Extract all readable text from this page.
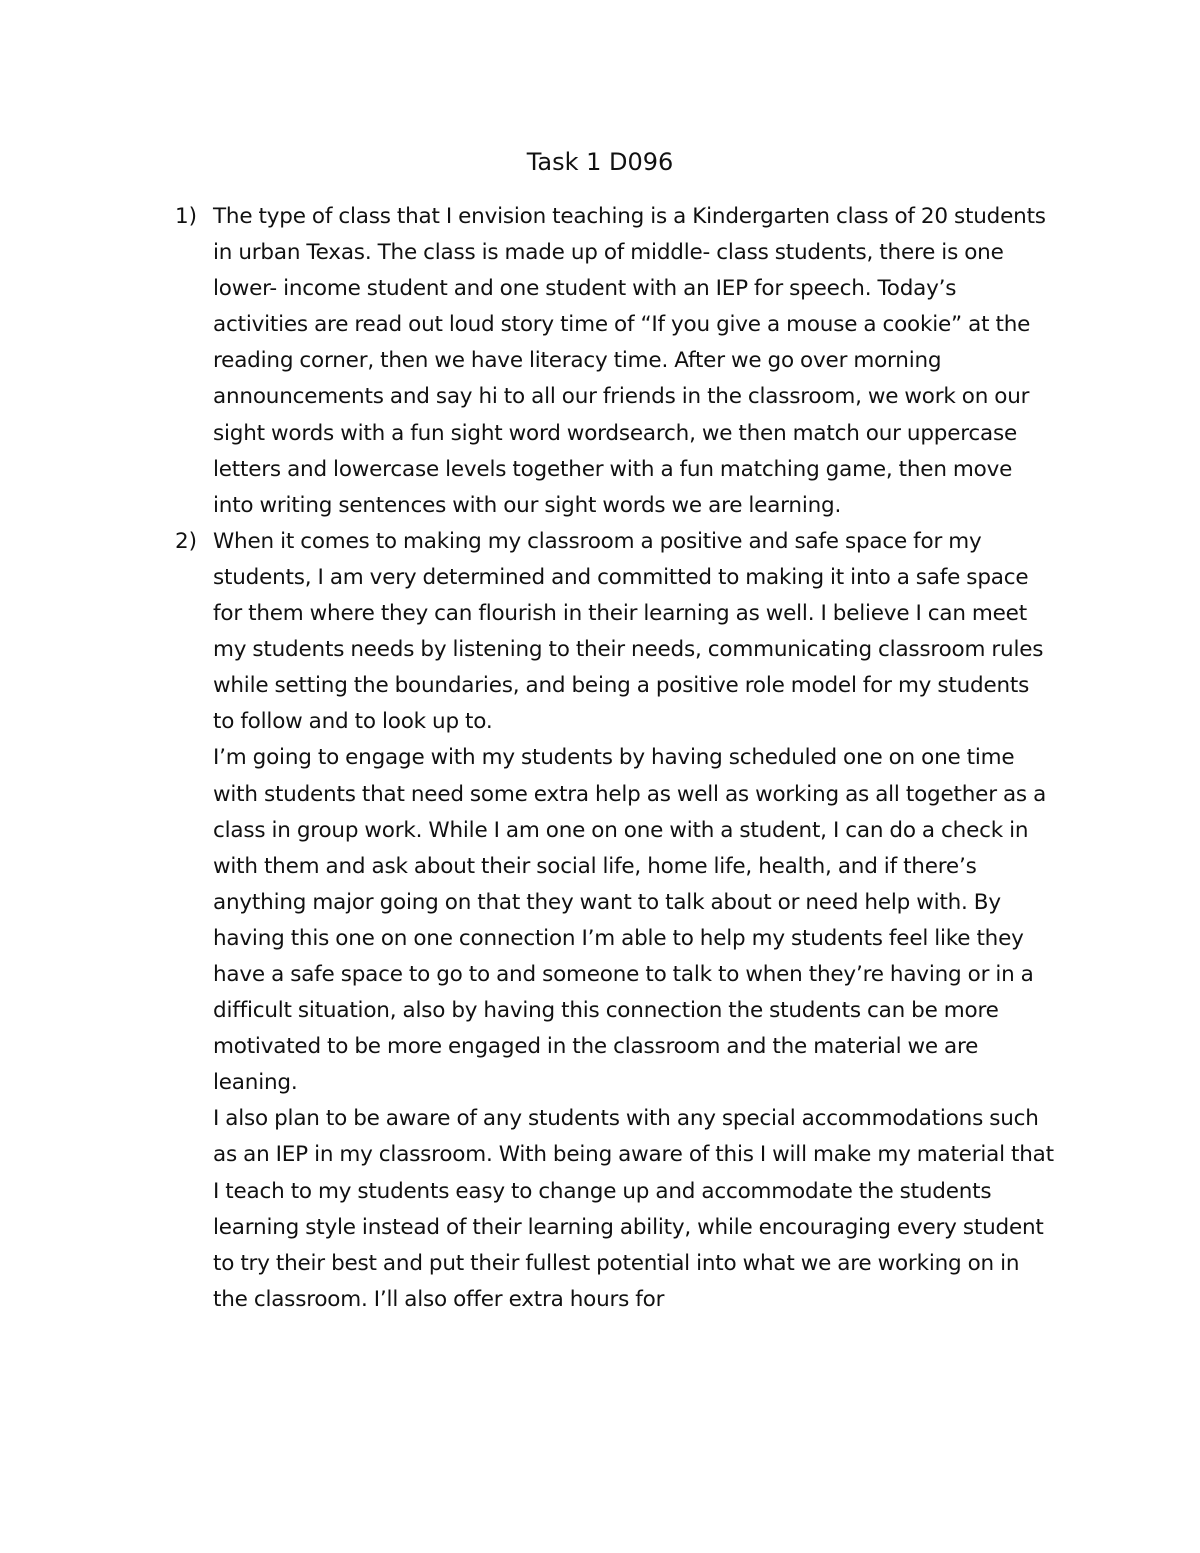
Task 1 D096
1) The type of class that I envision teaching is a Kindergarten class of 20 students in urban Texas. The class is made up of middle- class students, there is one lower- income student and one student with an IEP for speech. Today’s activities are read out loud story time of “If you give a mouse a cookie” at the reading corner, then we have literacy time. After we go over morning announcements and say hi to all our friends in the classroom, we work on our sight words with a fun sight word wordsearch, we then match our uppercase letters and lowercase levels together with a fun matching game, then move into writing sentences with our sight words we are learning.

2) When it comes to making my classroom a positive and safe space for my students, I am very determined and committed to making it into a safe space for them where they can flourish in their learning as well. I believe I can meet my students needs by listening to their needs, communicating classroom rules while setting the boundaries, and being a positive role model for my students to follow and to look up to.

I’m going to engage with my students by having scheduled one on one time with students that need some extra help as well as working as all together as a class in group work. While I am one on one with a student, I can do a check in with them and ask about their social life, home life, health, and if there’s anything major going on that they want to talk about or need help with. By having this one on one connection I’m able to help my students feel like they have a safe space to go to and someone to talk to when they’re having or in a difficult situation, also by having this connection the students can be more motivated to be more engaged in the classroom and the material we are leaning.

I also plan to be aware of any students with any special accommodations such as an IEP in my classroom. With being aware of this I will make my material that I teach to my students easy to change up and accommodate the students learning style instead of their learning ability, while encouraging every student to try their best and put their fullest potential into what we are working on in the classroom. I’ll also offer extra hours for
